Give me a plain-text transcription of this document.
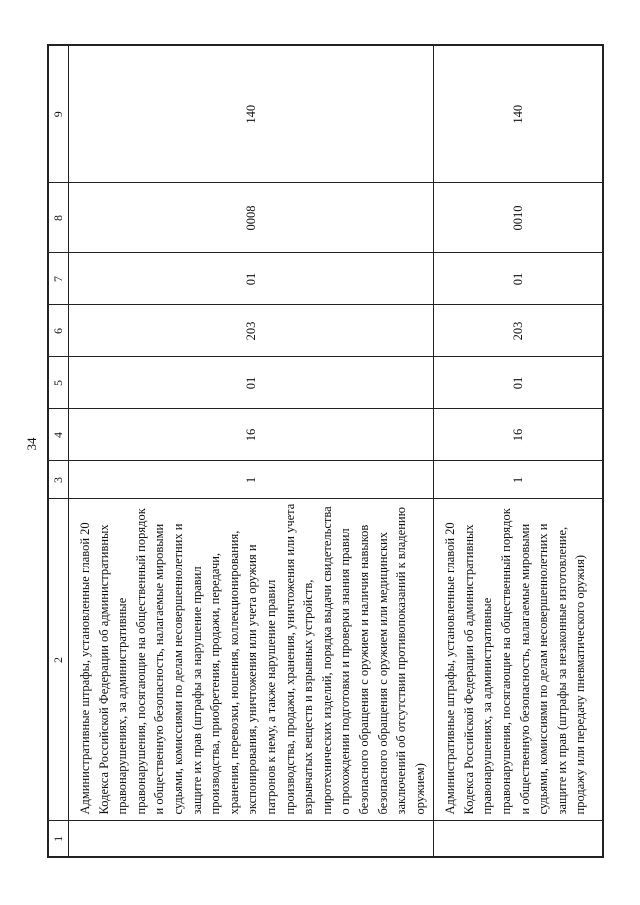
34
1	2	3	4	5	6	7	8	9
	Административные штрафы, установленные главой 20 Кодекса Российской Федерации об административных правонарушениях, за административные правонарушения, посягающие на общественный порядок и общественную безопасность, налагаемые мировыми судьями, комиссиями по делам несовершеннолетних и защите их прав (штрафы за нарушение правил производства, приобретения, продажи, передачи, хранения, перевозки, ношения, коллекционирования, экспонирования, уничтожения или учета оружия и патронов к нему, а также нарушение правил производства, продажи, хранения, уничтожения или учета взрывчатых веществ и взрывных устройств, пиротехнических изделий, порядка выдачи свидетельства о прохождении подготовки и проверки знания правил безопасного обращения с оружием и наличия навыков безопасного обращения с оружием или медицинских заключений об отсутствии противопоказаний к владению оружием)	1	16	01	203	01	0008	140
	Административные штрафы, установленные главой 20 Кодекса Российской Федерации об административных правонарушениях, за административные правонарушения, посягающие на общественный порядок и общественную безопасность, налагаемые мировыми судьями, комиссиями по делам несовершеннолетних и защите их прав (штрафы за незаконные изготовление, продажу или передачу пневматического оружия)	1	16	01	203	01	0010	140
